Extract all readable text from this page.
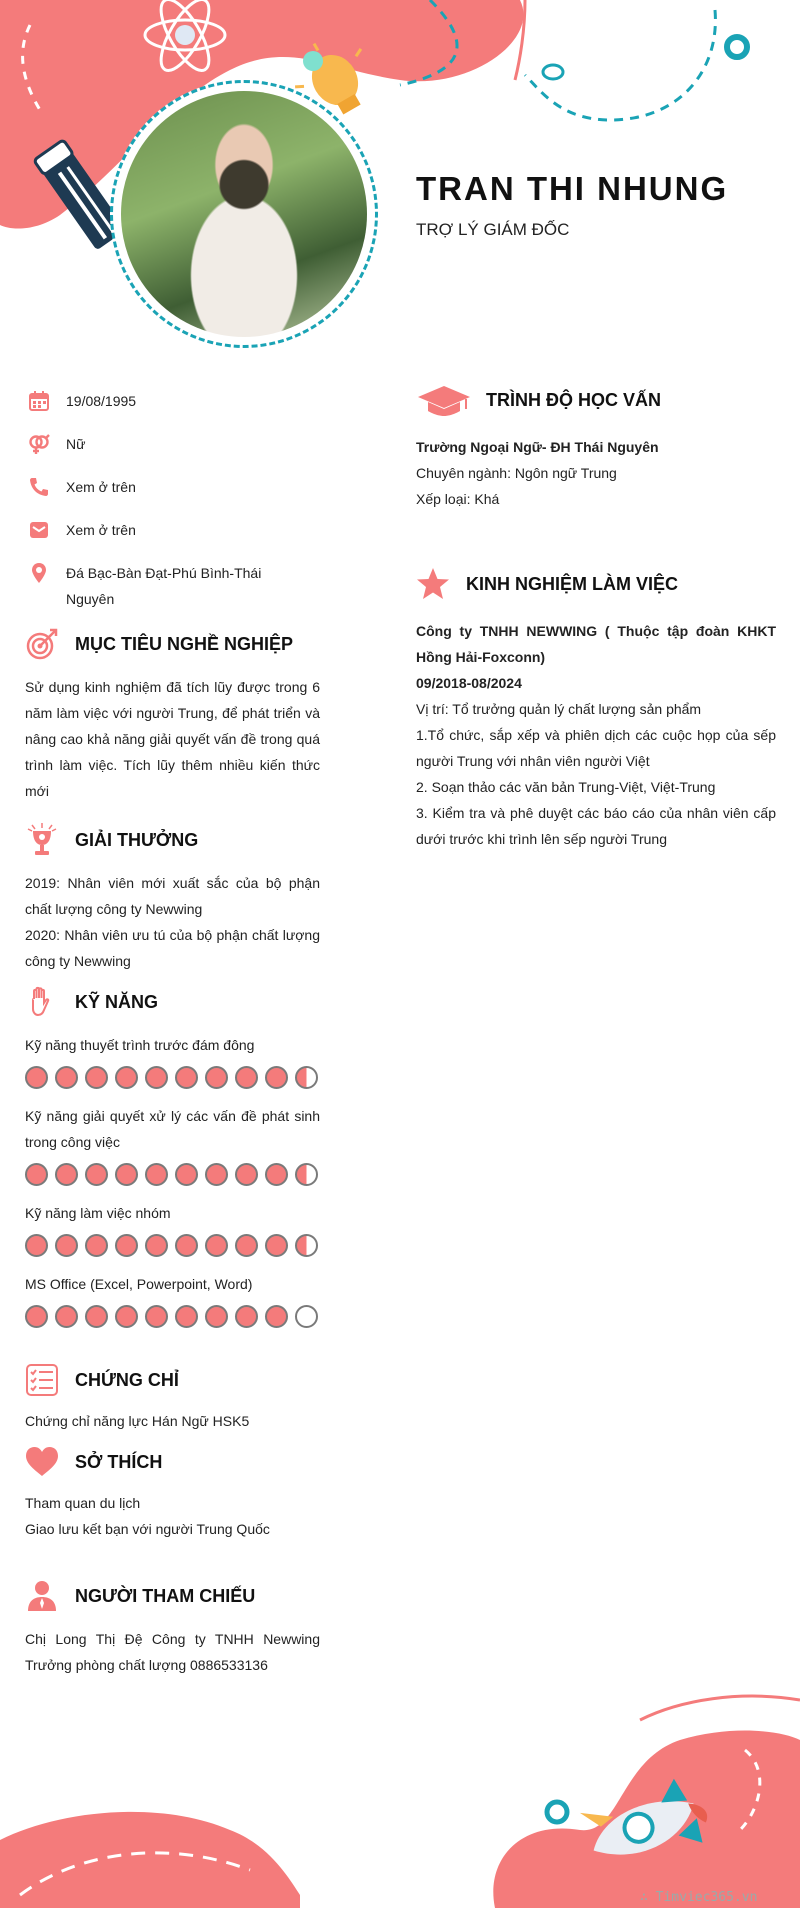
TRAN THI NHUNG
TRỢ LÝ GIÁM ĐỐC
19/08/1995
Nữ
Xem ở trên
Xem ở trên
Đá Bạc-Bàn Đạt-Phú Bình-Thái Nguyên
MỤC TIÊU NGHỀ NGHIỆP

Sử dụng kinh nghiệm đã tích lũy được trong 6 năm làm việc với người Trung, để phát triển và nâng cao khả năng giải quyết vấn đề trong quá trình làm việc. Tích lũy thêm nhiều kiến thức mới

GIẢI THƯỞNG

2019: Nhân viên mới xuất sắc của bộ phận chất lượng công ty Newwing

2020: Nhân viên ưu tú của bộ phận chất lượng công ty Newwing

KỸ NĂNG

Kỹ năng thuyết trình trước đám đông

Kỹ năng giải quyết xử lý các vấn đề phát sinh trong công việc

Kỹ năng làm việc nhóm

MS Office (Excel, Powerpoint, Word)

CHỨNG CHỈ

Chứng chỉ năng lực Hán Ngữ HSK5

SỞ THÍCH

Tham quan du lịch

Giao lưu kết bạn với người Trung Quốc

NGƯỜI THAM CHIẾU

Chị Long Thị Đệ Công ty TNHH Newwing Trưởng phòng chất lượng 0886533136

TRÌNH ĐỘ HỌC VẤN

Trường Ngoại Ngữ- ĐH Thái Nguyên

Chuyên ngành: Ngôn ngữ Trung

Xếp loại: Khá

KINH NGHIỆM LÀM VIỆC

Công ty TNHH NEWWING ( Thuộc tập đoàn KHKT Hồng Hải-Foxconn)

09/2018-08/2024

Vị trí: Tổ trưởng quản lý chất lượng sản phẩm

1.Tổ chức, sắp xếp và phiên dịch các cuộc họp của sếp người Trung với nhân viên người Việt

2. Soạn thảo các văn bản Trung-Việt, Việt-Trung

3. Kiểm tra và phê duyệt các báo cáo của nhân viên cấp dưới trước khi trình lên sếp người Trung

∴ Timviec365.vn
